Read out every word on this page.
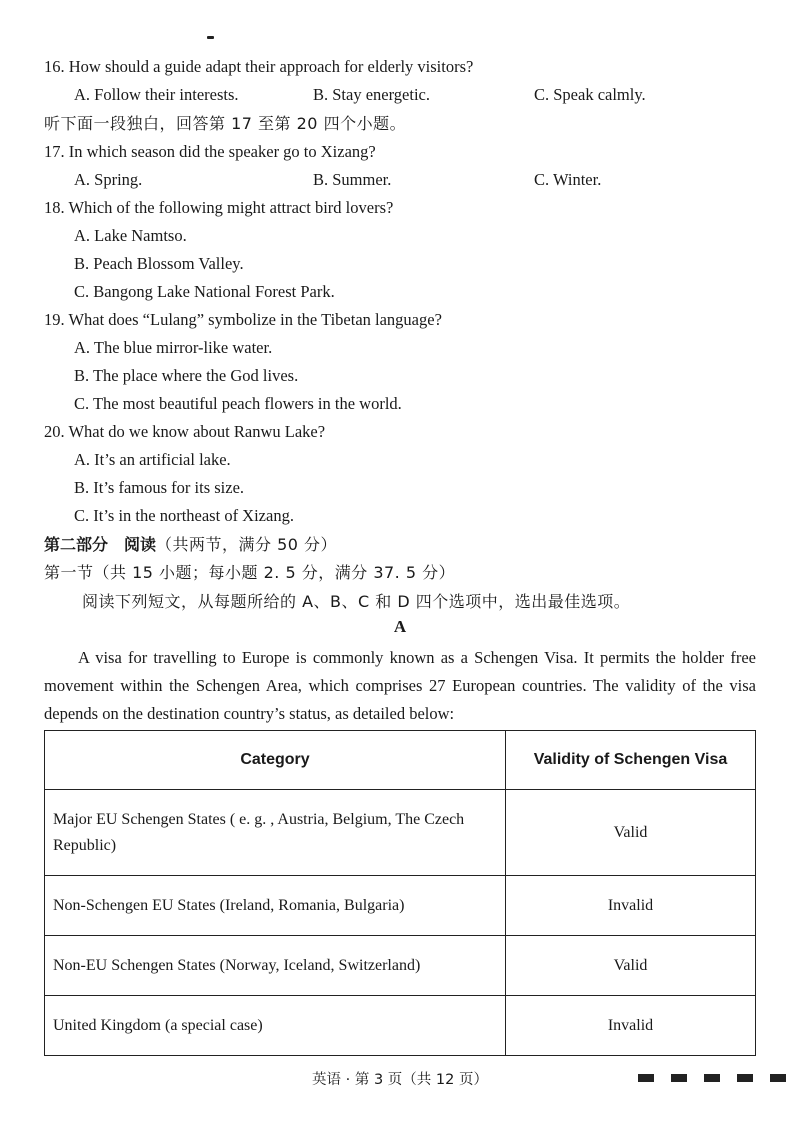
16. How should a guide adapt their approach for elderly visitors?
A. Follow their interests.	B. Stay energetic.	C. Speak calmly.
听下面一段独白，回答第 17 至第 20 四个小题。
17. In which season did the speaker go to Xizang?
A. Spring.	B. Summer.	C. Winter.
18. Which of the following might attract bird lovers?
A. Lake Namtso.
B. Peach Blossom Valley.
C. Bangong Lake National Forest Park.
19. What does “Lulang” symbolize in the Tibetan language?
A. The blue mirror-like water.
B. The place where the God lives.
C. The most beautiful peach flowers in the world.
20. What do we know about Ranwu Lake?
A. It’s an artificial lake.
B. It’s famous for its size.
C. It’s in the northeast of Xizang.
第二部分　阅读（共两节，满分 50 分）
第一节（共 15 小题；每小题 2. 5 分，满分 37. 5 分）
阅读下列短文，从每题所给的 A、B、C 和 D 四个选项中，选出最佳选项。
A

A visa for travelling to Europe is commonly known as a Schengen Visa. It permits the holder free movement within the Schengen Area, which comprises 27 European countries. The validity of the visa depends on the destination country’s status, as detailed below:

Category	Validity of Schengen Visa
Major EU Schengen States ( e. g. , Austria, Belgium, The Czech Republic)	Valid
Non-Schengen EU States (Ireland, Romania, Bulgaria)	Invalid
Non-EU Schengen States (Norway, Iceland, Switzerland)	Valid
United Kingdom (a special case)	Invalid
英语 · 第 3 页（共 12 页）
